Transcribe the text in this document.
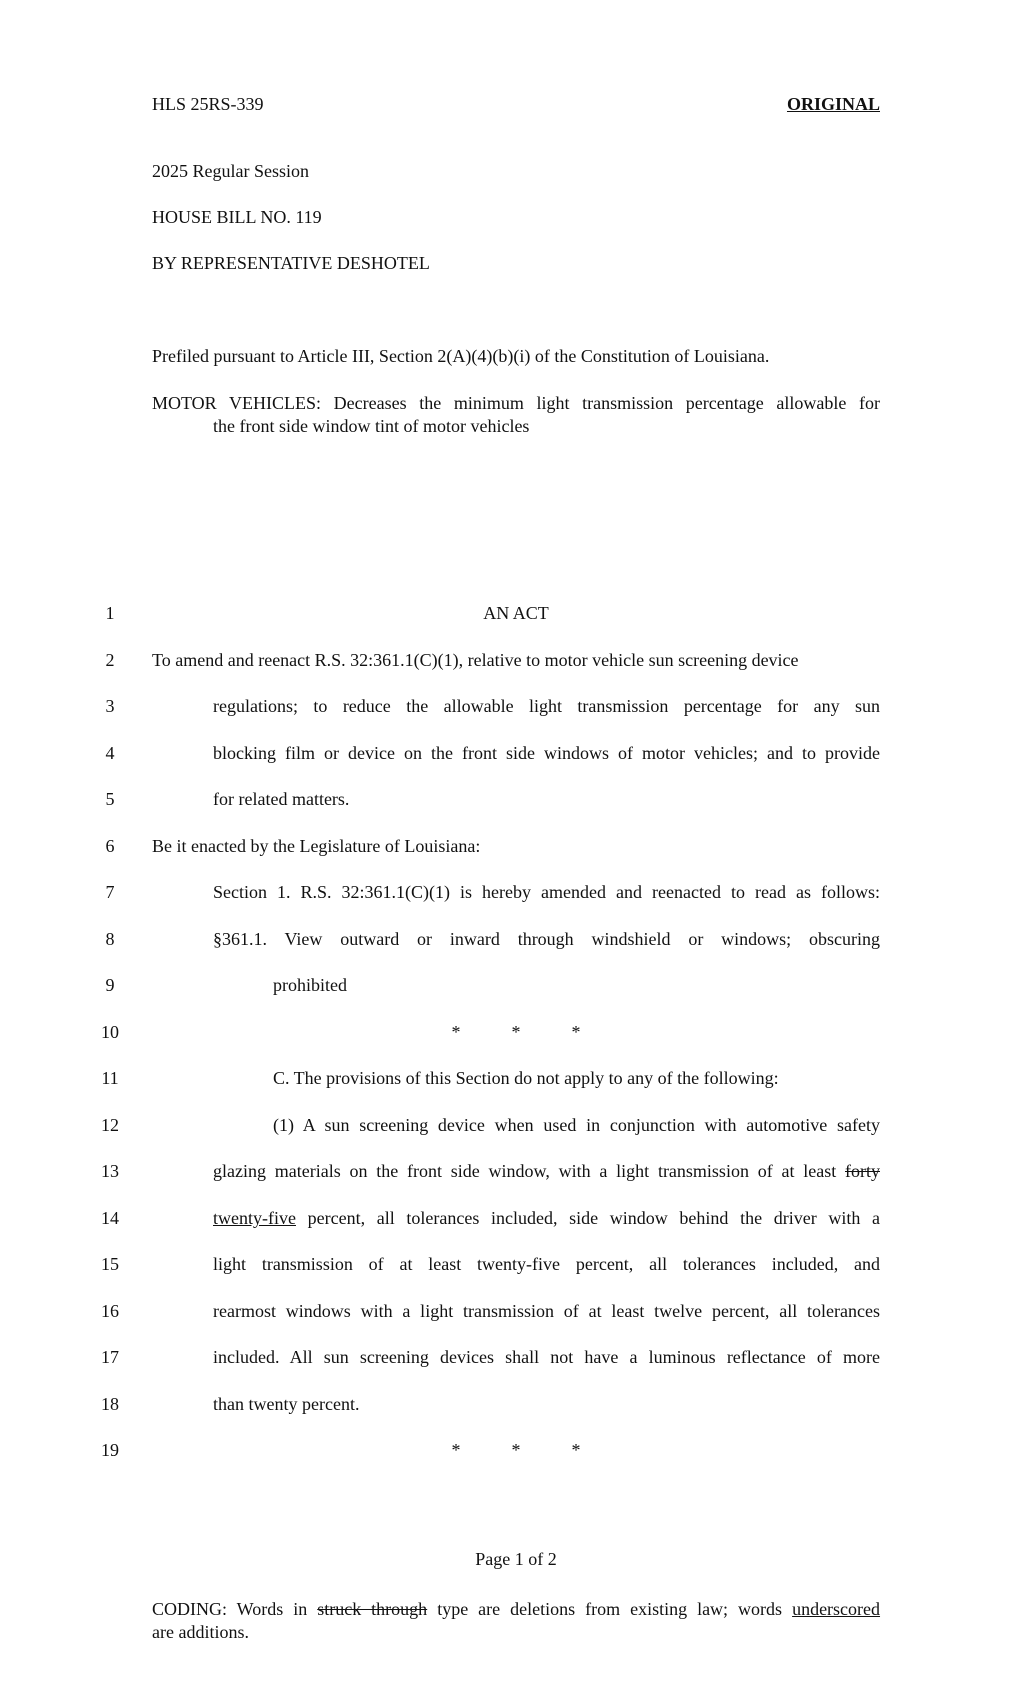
HLS 25RS-339	ORIGINAL
2025 Regular Session
HOUSE BILL NO. 119
BY REPRESENTATIVE DESHOTEL
Prefiled pursuant to Article III, Section 2(A)(4)(b)(i) of the Constitution of Louisiana.
MOTOR VEHICLES: Decreases the minimum light transmission percentage allowable for
the front side window tint of motor vehicles
1
2
3
4
5
6
7
8
9
10
11
12
13
14
15
16
17
18
19
AN ACT
To amend and reenact R.S. 32:361.1(C)(1), relative to motor vehicle sun screening device
regulations; to reduce the allowable light transmission percentage for any sun
blocking film or device on the front side windows of motor vehicles; and to provide
for related matters.
Be it enacted by the Legislature of Louisiana:
Section 1. R.S. 32:361.1(C)(1) is hereby amended and reenacted to read as follows:
§361.1. View outward or inward through windshield or windows; obscuring
prohibited
*	*	*
C. The provisions of this Section do not apply to any of the following:
(1) A sun screening device when used in conjunction with automotive safety
glazing materials on the front side window, with a light transmission of at least forty
twenty-five percent, all tolerances included, side window behind the driver with a
light transmission of at least twenty-five percent, all tolerances included, and
rearmost windows with a light transmission of at least twelve percent, all tolerances
included. All sun screening devices shall not have a luminous reflectance of more
than twenty percent.
*	*	*
Page 1 of 2
CODING: Words in struck through type are deletions from existing law; words underscored
are additions.
